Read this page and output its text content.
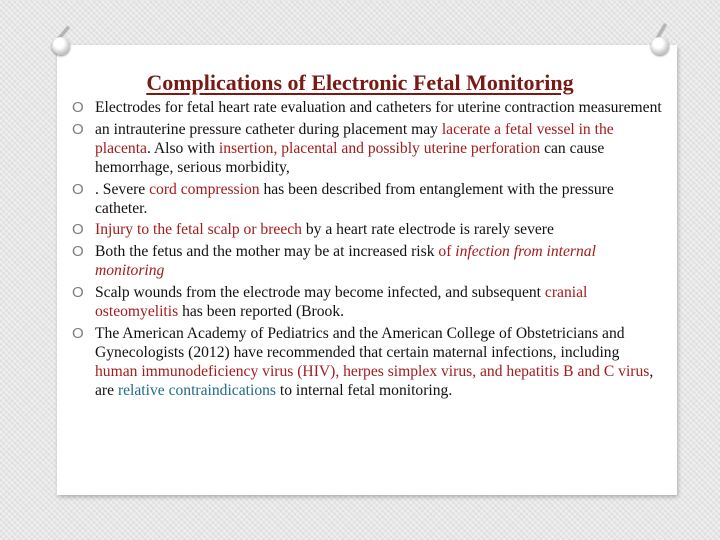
Complications of Electronic Fetal Monitoring
O Electrodes for fetal heart rate evaluation and catheters for uterine contraction measurement
O an intrauterine pressure catheter during placement may lacerate a fetal vessel in the placenta. Also with insertion, placental and possibly uterine perforation can cause hemorrhage, serious morbidity,
O . Severe cord compression has been described from entanglement with the pressure catheter.
O Injury to the fetal scalp or breech by a heart rate electrode is rarely severe
O Both the fetus and the mother may be at increased risk of infection from internal monitoring
O Scalp wounds from the electrode may become infected, and subsequent cranial osteomyelitis has been reported (Brook.
O The American Academy of Pediatrics and the American College of Obstetricians and Gynecologists (2012) have recommended that certain maternal infections, including human immunodeficiency virus (HIV), herpes simplex virus, and hepatitis B and C virus, are relative contraindications to internal fetal monitoring.
